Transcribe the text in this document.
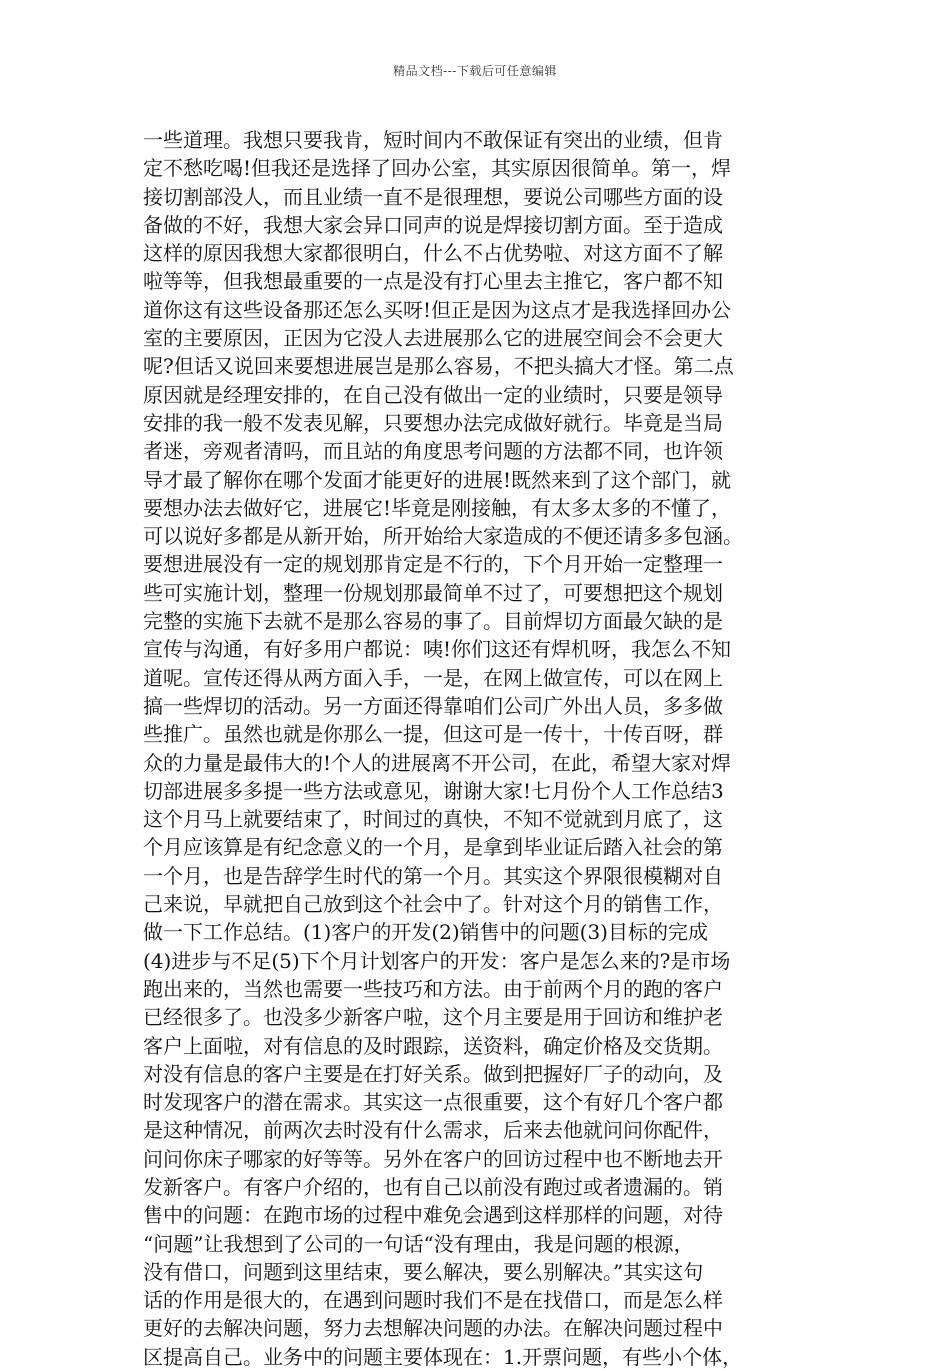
精品文档---下载后可任意编辑
一些道理。我想只要我肯，短时间内不敢保证有突出的业绩，但肯
定不愁吃喝!但我还是选择了回办公室，其实原因很简单。第一，焊
接切割部没人，而且业绩一直不是很理想，要说公司哪些方面的设
备做的不好，我想大家会异口同声的说是焊接切割方面。至于造成
这样的原因我想大家都很明白，什么不占优势啦、对这方面不了解
啦等等，但我想最重要的一点是没有打心里去主推它，客户都不知
道你这有这些设备那还怎么买呀!但正是因为这点才是我选择回办公
室的主要原因，正因为它没人去进展那么它的进展空间会不会更大
呢?但话又说回来要想进展岂是那么容易，不把头搞大才怪。第二点
原因就是经理安排的，在自己没有做出一定的业绩时，只要是领导
安排的我一般不发表见解，只要想办法完成做好就行。毕竟是当局
者迷，旁观者清吗，而且站的角度思考问题的方法都不同，也许领
导才最了解你在哪个发面才能更好的进展!既然来到了这个部门，就
要想办法去做好它，进展它!毕竟是刚接触，有太多太多的不懂了，
可以说好多都是从新开始，所开始给大家造成的不便还请多多包涵。
要想进展没有一定的规划那肯定是不行的，下个月开始一定整理一
些可实施计划，整理一份规划那最简单不过了，可要想把这个规划
完整的实施下去就不是那么容易的事了。目前焊切方面最欠缺的是
宣传与沟通，有好多用户都说：咦!你们这还有焊机呀，我怎么不知
道呢。宣传还得从两方面入手，一是，在网上做宣传，可以在网上
搞一些焊切的活动。另一方面还得靠咱们公司广外出人员，多多做
些推广。虽然也就是你那么一提，但这可是一传十，十传百呀，群
众的力量是最伟大的!个人的进展离不开公司，在此，希望大家对焊
切部进展多多提一些方法或意见，谢谢大家!七月份个人工作总结3
这个月马上就要结束了，时间过的真快，不知不觉就到月底了，这
个月应该算是有纪念意义的一个月，是拿到毕业证后踏入社会的第
一个月，也是告辞学生时代的第一个月。其实这个界限很模糊对自
己来说，早就把自己放到这个社会中了。针对这个月的销售工作，
做一下工作总结。(1)客户的开发(2)销售中的问题(3)目标的完成
(4)进步与不足(5)下个月计划客户的开发：客户是怎么来的?是市场
跑出来的，当然也需要一些技巧和方法。由于前两个月的跑的客户
已经很多了。也没多少新客户啦，这个月主要是用于回访和维护老
客户上面啦，对有信息的及时跟踪，送资料，确定价格及交货期。
对没有信息的客户主要是在打好关系。做到把握好厂子的动向，及
时发现客户的潜在需求。其实这一点很重要，这个有好几个客户都
是这种情况，前两次去时没有什么需求，后来去他就问问你配件，
问问你床子哪家的好等等。另外在客户的回访过程中也不断地去开
发新客户。有客户介绍的，也有自己以前没有跑过或者遗漏的。销
售中的问题：在跑市场的过程中难免会遇到这样那样的问题，对待
“问题”让我想到了公司的一句话“没有理由，我是问题的根源，
没有借口，问题到这里结束，要么解决，要么别解决。”其实这句
话的作用是很大的，在遇到问题时我们不是在找借口，而是怎么样
更好的去解决问题，努力去想解决问题的办法。在解决问题过程中
区提高自己。业务中的问题主要体现在：1.开票问题，有些小个体，
